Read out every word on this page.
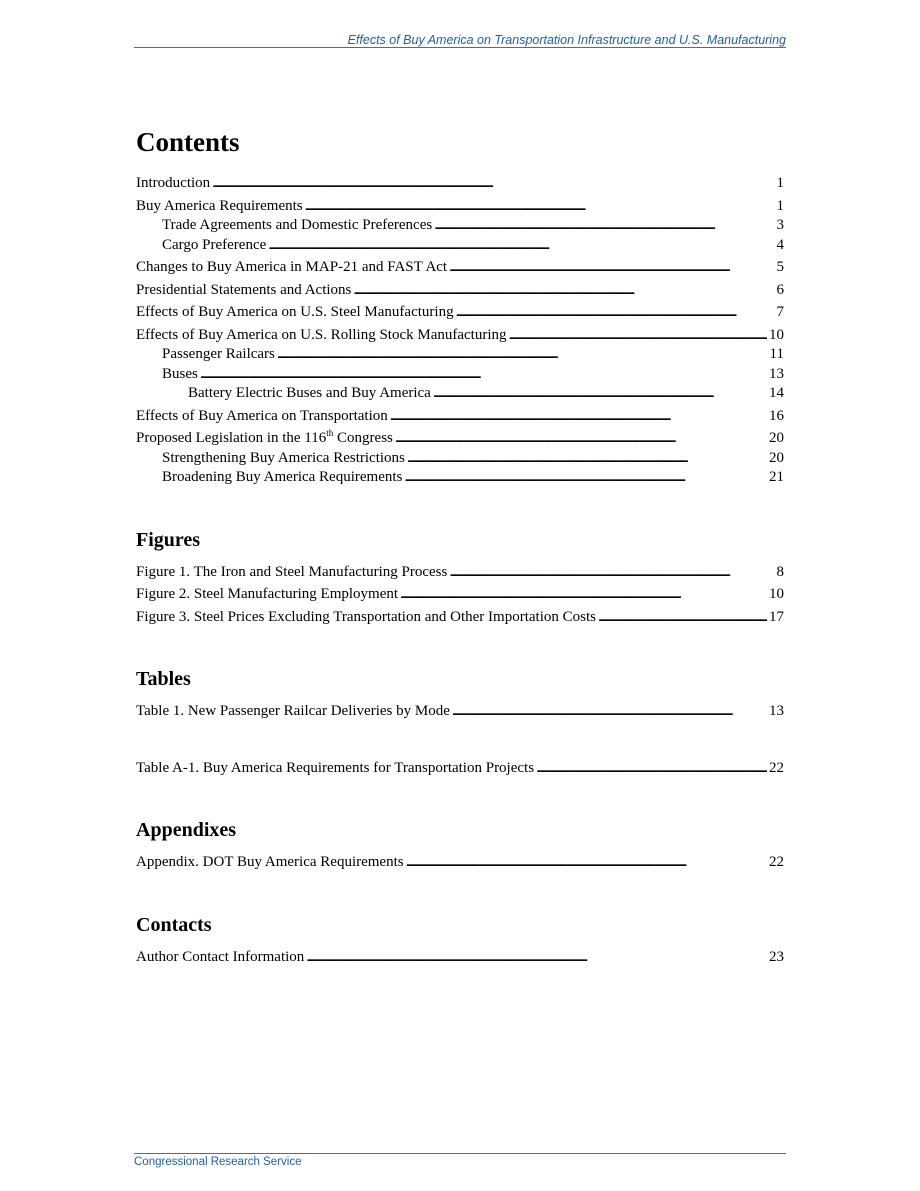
Effects of Buy America on Transportation Infrastructure and U.S. Manufacturing
Contents
Introduction . . .	1
Buy America Requirements . . .	1
Trade Agreements and Domestic Preferences . . .	3
Cargo Preference . . .	4
Changes to Buy America in MAP-21 and FAST Act . . .	5
Presidential Statements and Actions . . .	6
Effects of Buy America on U.S. Steel Manufacturing . . .	7
Effects of Buy America on U.S. Rolling Stock Manufacturing . . .	10
Passenger Railcars . . .	11
Buses . . .	13
Battery Electric Buses and Buy America . . .	14
Effects of Buy America on Transportation . . .	16
Proposed Legislation in the 116th Congress . . .	20
Strengthening Buy America Restrictions . . .	20
Broadening Buy America Requirements . . .	21
Figures
Figure 1. The Iron and Steel Manufacturing Process . . .	8
Figure 2. Steel Manufacturing Employment . . .	10
Figure 3. Steel Prices Excluding Transportation and Other Importation Costs . . .	17
Tables
Table 1. New Passenger Railcar Deliveries by Mode . . .	13
Table A-1. Buy America Requirements for Transportation Projects . . .	22
Appendixes
Appendix. DOT Buy America Requirements . . .	22
Contacts
Author Contact Information . . .	23
Congressional Research Service
